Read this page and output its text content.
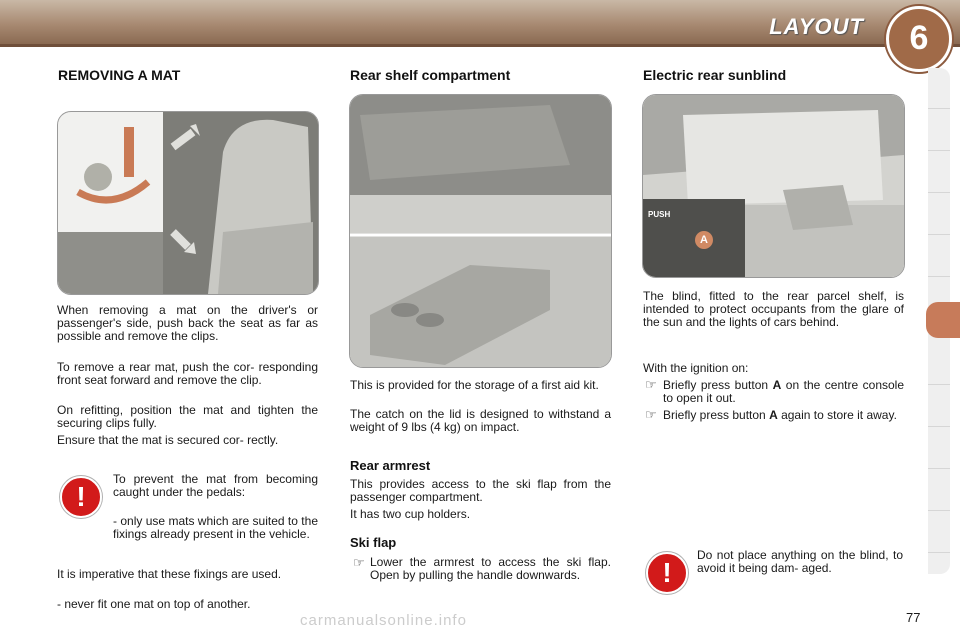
LAYOUT	6
REMOVING A MAT

When removing a mat on the driver's or passenger's side, push back the seat as far as possible and remove the clips.

To remove a rear mat, push the cor- responding front seat forward and remove the clip.

On refitting, position the mat and tighten the securing clips fully.

Ensure that the mat is secured cor- rectly.

!

To prevent the mat from becoming caught under the pedals:

- only use mats which are suited to the fixings already present in the vehicle.

It is imperative that these fixings are used.

- never fit one mat on top of another.

Rear shelf compartment

This is provided for the storage of a first aid kit.

The catch on the lid is designed to withstand a weight of 9 lbs (4 kg) on impact.

Rear armrest

This provides access to the ski flap from the passenger compartment.

It has two cup holders.

Ski flap
☞ Lower the armrest to access the ski flap. Open by pulling the handle downwards.

Electric rear sunblind
PUSH
A

The blind, fitted to the rear parcel shelf, is intended to protect occupants from the glare of the sun and the lights of cars behind.

With the ignition on:

☞ Briefly press button A on the centre console to open it out.

☞ Briefly press button A again to store it away.

!

Do not place anything on the blind, to avoid it being dam- aged.

77
carmanualsonline.info
